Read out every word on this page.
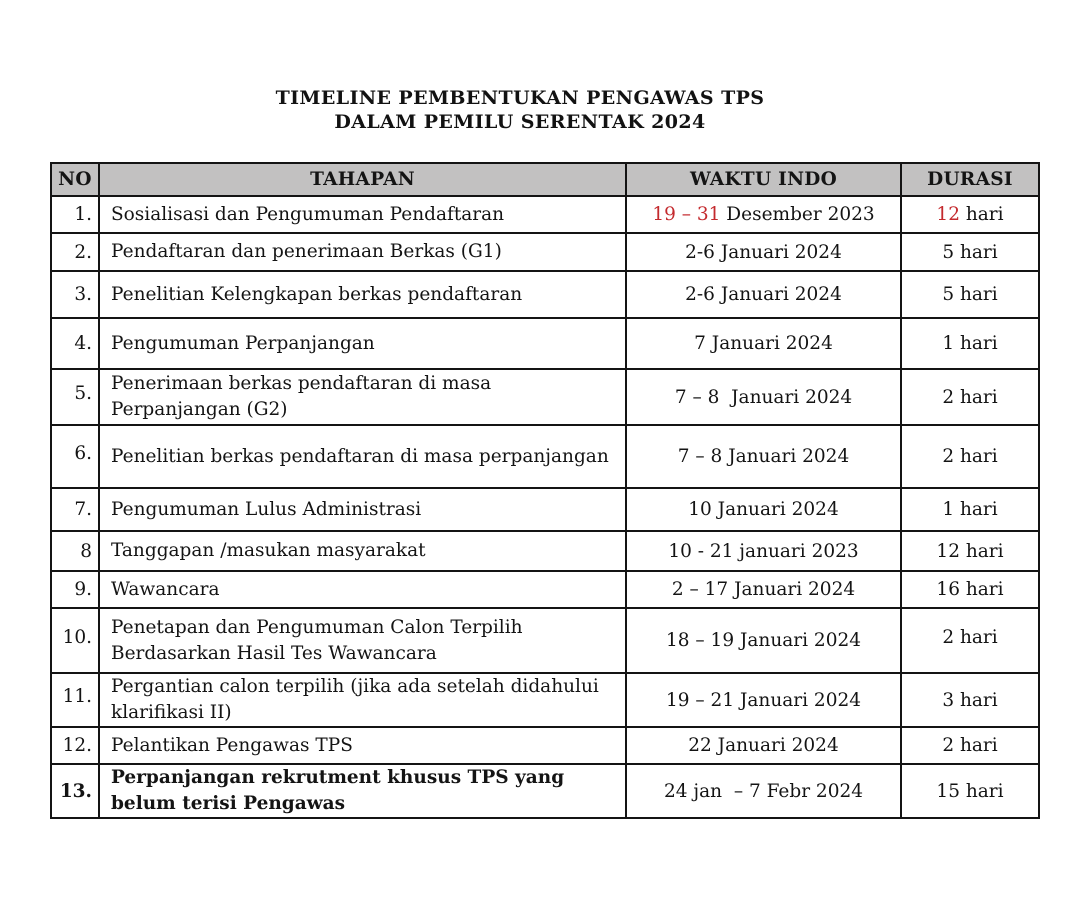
TIMELINE PEMBENTUKAN PENGAWAS TPS
DALAM PEMILU SERENTAK 2024
NO	TAHAPAN	WAKTU INDO	DURASI
1.	Sosialisasi dan Pengumuman Pendaftaran	19 – 31 Desember 2023	12 hari
2.	Pendaftaran dan penerimaan Berkas (G1)	2-6 Januari 2024	5 hari
3.	Penelitian Kelengkapan berkas pendaftaran	2-6 Januari 2024	5 hari
4.	Pengumuman Perpanjangan	7 Januari 2024	1 hari
5.	Penerimaan berkas pendaftaran di masa Perpanjangan (G2)	7 – 8  Januari 2024	2 hari
6.	Penelitian berkas pendaftaran di masa perpanjangan	7 – 8 Januari 2024	2 hari
7.	Pengumuman Lulus Administrasi	10 Januari 2024	1 hari
8	Tanggapan /masukan masyarakat	10 - 21 januari 2023	12 hari
9.	Wawancara	2 – 17 Januari 2024	16 hari
10.	Penetapan dan Pengumuman Calon Terpilih Berdasarkan Hasil Tes Wawancara	18 – 19 Januari 2024	2 hari
11.	Pergantian calon terpilih (jika ada setelah didahului klarifikasi II)	19 – 21 Januari 2024	3 hari
12.	Pelantikan Pengawas TPS	22 Januari 2024	2 hari
13.	Perpanjangan rekrutment khusus TPS yang belum terisi Pengawas	24 jan  – 7 Febr 2024	15 hari
